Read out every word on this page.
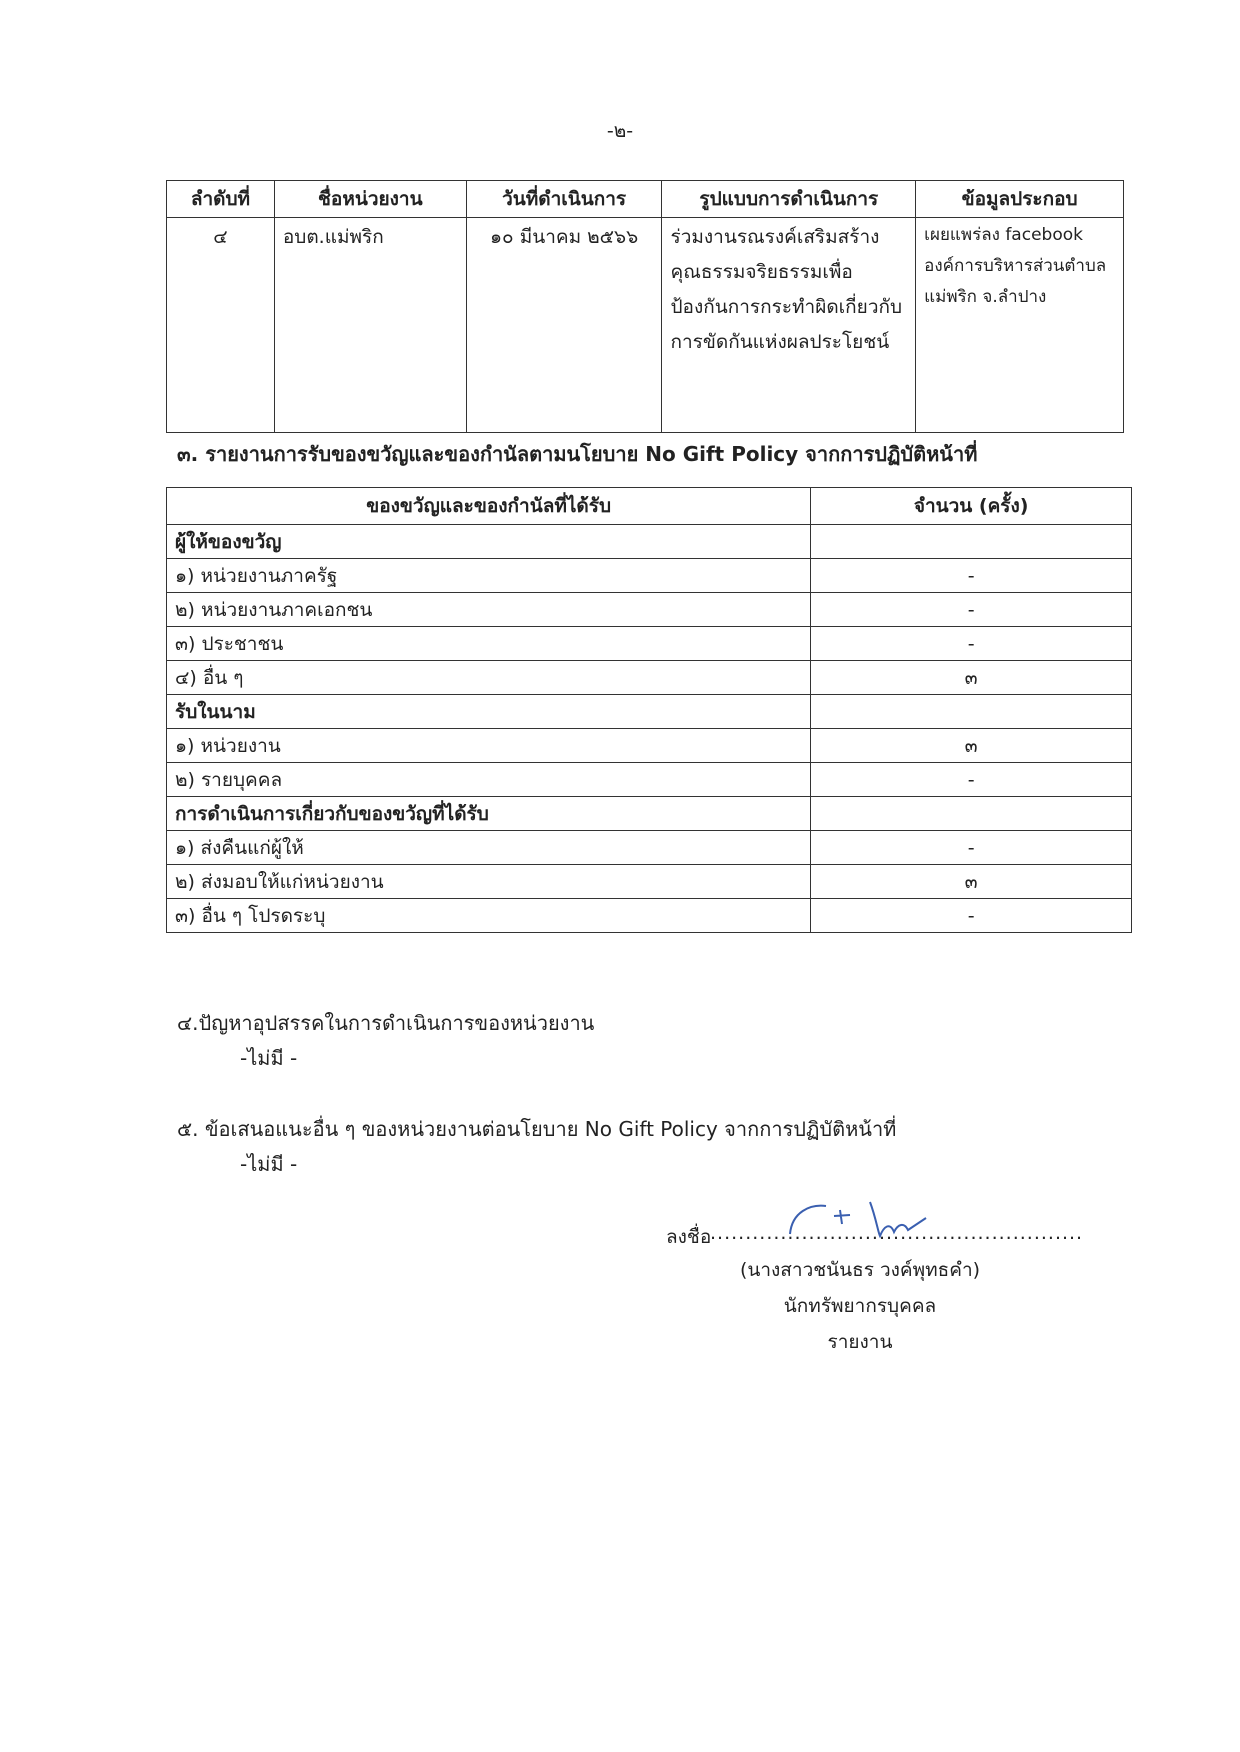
-๒-
ลำดับที่	ชื่อหน่วยงาน	วันที่ดำเนินการ	รูปแบบการดำเนินการ	ข้อมูลประกอบ
๔	อบต.แม่พริก	๑๐ มีนาคม ๒๕๖๖	ร่วมงานรณรงค์เสริมสร้างคุณธรรมจริยธรรมเพื่อป้องกันการกระทำผิดเกี่ยวกับการขัดกันแห่งผลประโยชน์	เผยแพร่ลง facebook องค์การบริหารส่วนตำบลแม่พริก จ.ลำปาง
๓. รายงานการรับของขวัญและของกำนัลตามนโยบาย No Gift Policy จากการปฏิบัติหน้าที่
ของขวัญและของกำนัลที่ได้รับ	จำนวน (ครั้ง)
ผู้ให้ของขวัญ	
๑) หน่วยงานภาครัฐ	-
๒) หน่วยงานภาคเอกชน	-
๓) ประชาชน	-
๔) อื่น ๆ	๓
รับในนาม	
๑) หน่วยงาน	๓
๒) รายบุคคล	-
การดำเนินการเกี่ยวกับของขวัญที่ได้รับ	
๑) ส่งคืนแก่ผู้ให้	-
๒) ส่งมอบให้แก่หน่วยงาน	๓
๓) อื่น ๆ โปรดระบุ	-
๔.ปัญหาอุปสรรคในการดำเนินการของหน่วยงาน
-ไม่มี -
๕. ข้อเสนอแนะอื่น ๆ ของหน่วยงานต่อนโยบาย No Gift Policy จากการปฏิบัติหน้าที่
-ไม่มี -
ลงชื่อ
.....................................................
(นางสาวชนันธร วงค์พุทธคำ)
นักทรัพยากรบุคคล
รายงาน
